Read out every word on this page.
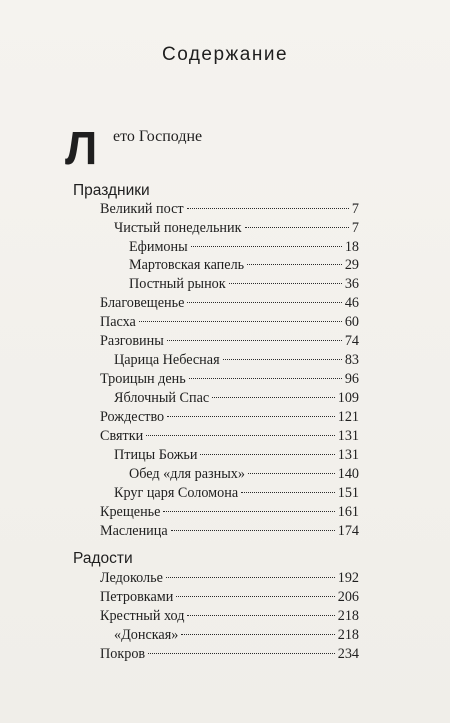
Содержание
Л ето Господне
Праздники
Великий пост	7
Чистый понедельник	7
Ефимоны	18
Мартовская капель	29
Постный рынок	36
Благовещенье	46
Пасха	60
Разговины	74
Царица Небесная	83
Троицын день	96
Яблочный Спас	109
Рождество	121
Святки	131
Птицы Божьи	131
Обед «для разных»	140
Круг царя Соломона	151
Крещенье	161
Масленица	174
Радости
Ледоколье	192
Петровками	206
Крестный ход	218
«Донская»	218
Покров	234
